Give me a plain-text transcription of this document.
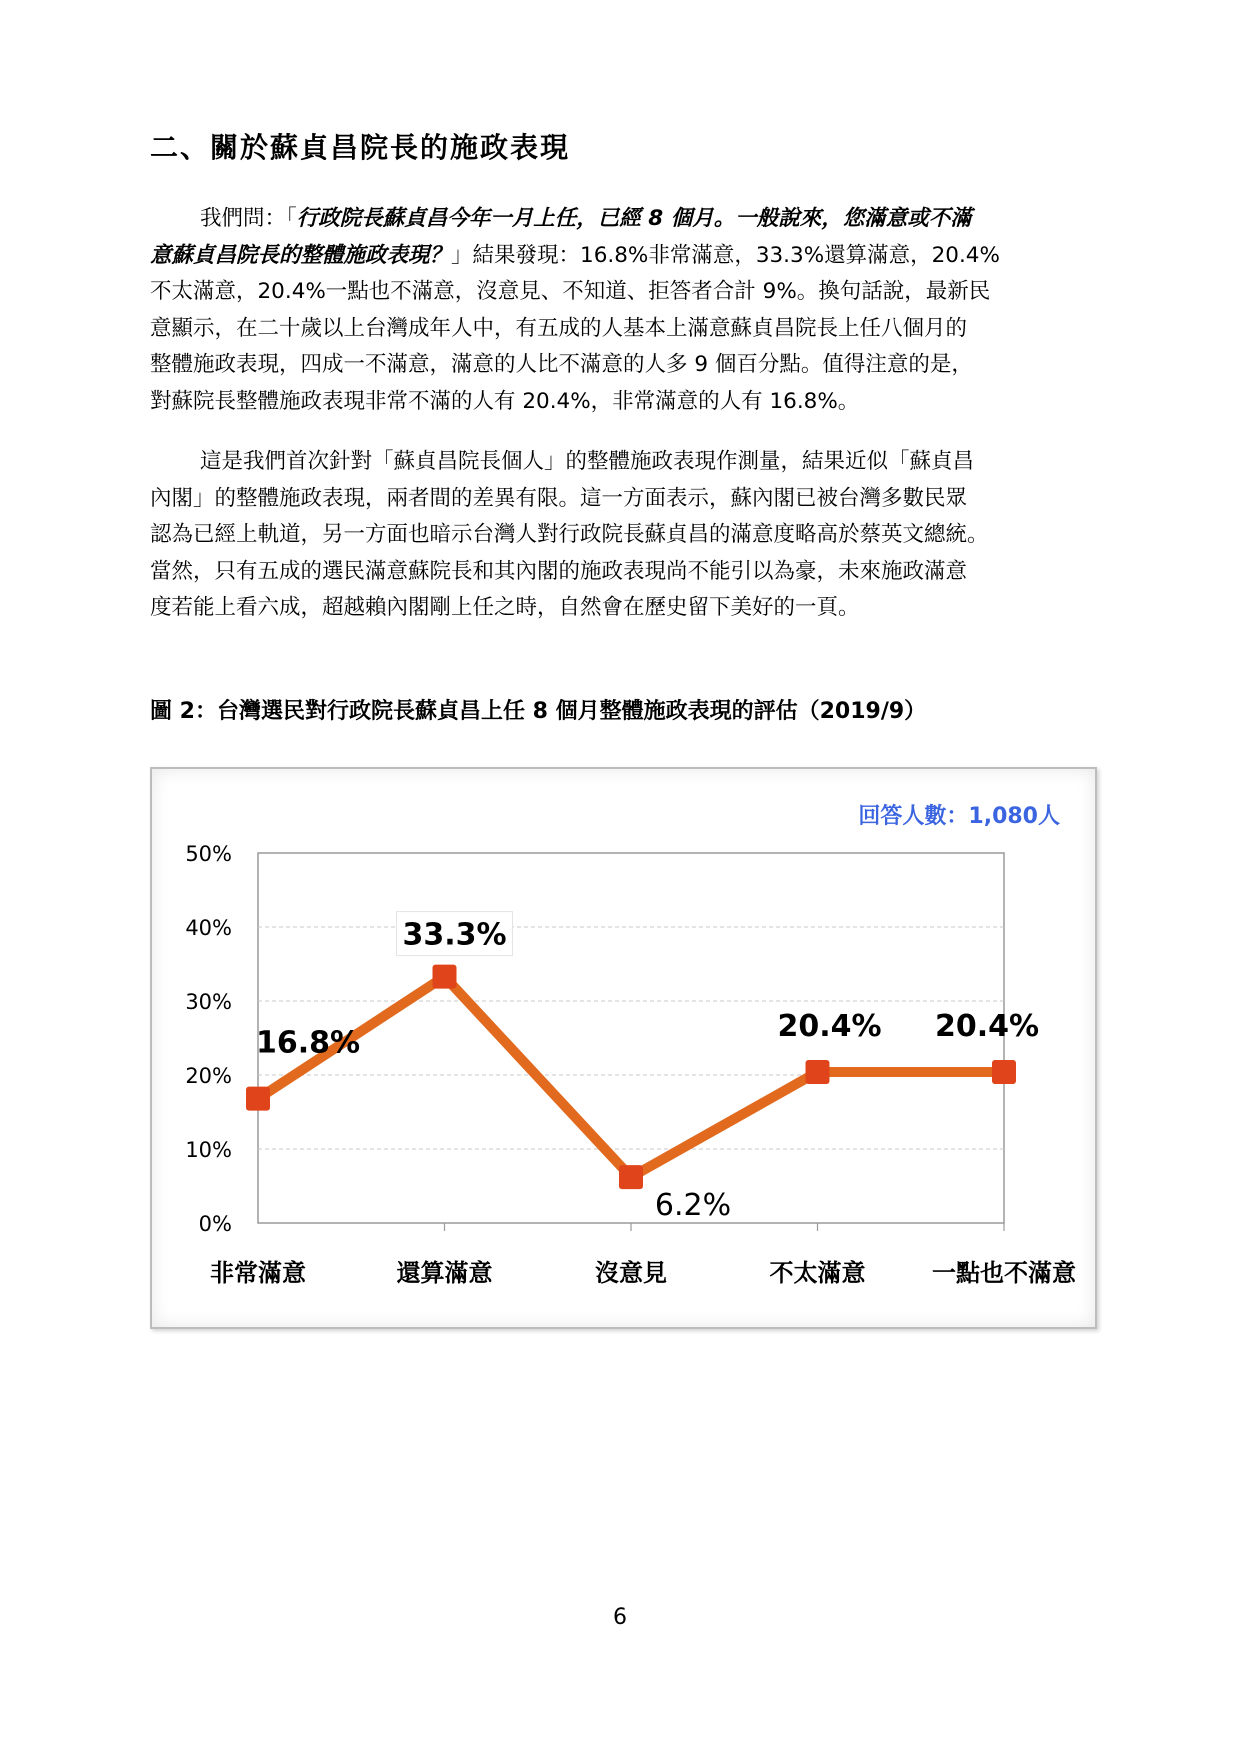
二、關於蘇貞昌院長的施政表現
我們問：「行政院長蘇貞昌今年一月上任，已經 8 個月。一般說來，您滿意或不滿
意蘇貞昌院長的整體施政表現？」結果發現：16.8%非常滿意，33.3%還算滿意，20.4%
不太滿意，20.4%一點也不滿意，沒意見、不知道、拒答者合計 9%。換句話說，最新民
意顯示，在二十歲以上台灣成年人中，有五成的人基本上滿意蘇貞昌院長上任八個月的
整體施政表現，四成一不滿意，滿意的人比不滿意的人多 9 個百分點。值得注意的是，
對蘇院長整體施政表現非常不滿的人有 20.4%，非常滿意的人有 16.8%。
這是我們首次針對「蘇貞昌院長個人」的整體施政表現作測量，結果近似「蘇貞昌
內閣」的整體施政表現，兩者間的差異有限。這一方面表示，蘇內閣已被台灣多數民眾
認為已經上軌道，另一方面也暗示台灣人對行政院長蘇貞昌的滿意度略高於蔡英文總統。
當然，只有五成的選民滿意蘇院長和其內閣的施政表現尚不能引以為豪，未來施政滿意
度若能上看六成，超越賴內閣剛上任之時，自然會在歷史留下美好的一頁。

圖 2：台灣選民對行政院長蘇貞昌上任 8 個月整體施政表現的評估（2019/9）

0%
10%
20%
30%
40%
50%
非常滿意	還算滿意	沒意見	不太滿意	一點也不滿意
16.8%
33.3%
6.2%
20.4% 20.4%
回答人數：1,080人
6
